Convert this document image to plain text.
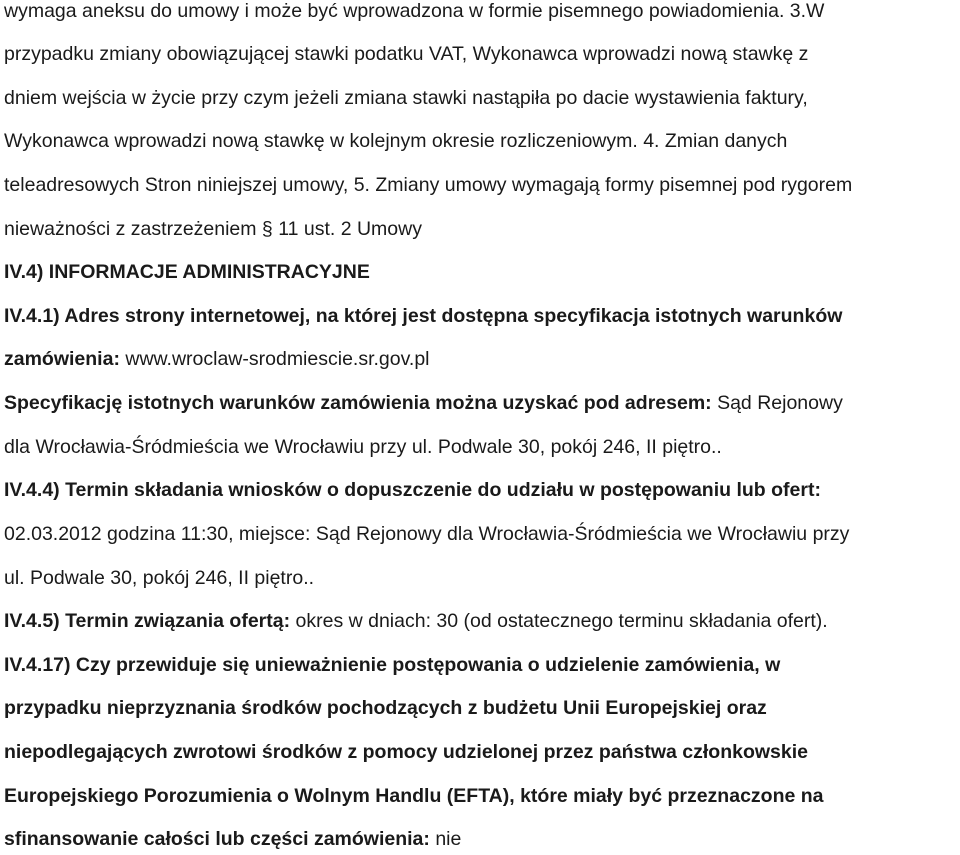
wymaga aneksu do umowy i może być wprowadzona w formie pisemnego powiadomienia. 3.W
przypadku zmiany obowiązującej stawki podatku VAT, Wykonawca wprowadzi nową stawkę z
dniem wejścia w życie przy czym jeżeli zmiana stawki nastąpiła po dacie wystawienia faktury,
Wykonawca wprowadzi nową stawkę w kolejnym okresie rozliczeniowym. 4. Zmian danych
teleadresowych Stron niniejszej umowy, 5. Zmiany umowy wymagają formy pisemnej pod rygorem
nieważności z zastrzeżeniem § 11 ust. 2 Umowy
IV.4) INFORMACJE ADMINISTRACYJNE
IV.4.1) Adres strony internetowej, na której jest dostępna specyfikacja istotnych warunków
zamówienia: www.wroclaw-srodmiescie.sr.gov.pl
Specyfikację istotnych warunków zamówienia można uzyskać pod adresem: Sąd Rejonowy
dla Wrocławia-Śródmieścia we Wrocławiu przy ul. Podwale 30, pokój 246, II piętro..
IV.4.4) Termin składania wniosków o dopuszczenie do udziału w postępowaniu lub ofert:
02.03.2012 godzina 11:30, miejsce: Sąd Rejonowy dla Wrocławia-Śródmieścia we Wrocławiu przy
ul. Podwale 30, pokój 246, II piętro..
IV.4.5) Termin związania ofertą: okres w dniach: 30 (od ostatecznego terminu składania ofert).
IV.4.17) Czy przewiduje się unieważnienie postępowania o udzielenie zamówienia, w
przypadku nieprzyznania środków pochodzących z budżetu Unii Europejskiej oraz
niepodlegających zwrotowi środków z pomocy udzielonej przez państwa członkowskie
Europejskiego Porozumienia o Wolnym Handlu (EFTA), które miały być przeznaczone na
sfinansowanie całości lub części zamówienia: nie
